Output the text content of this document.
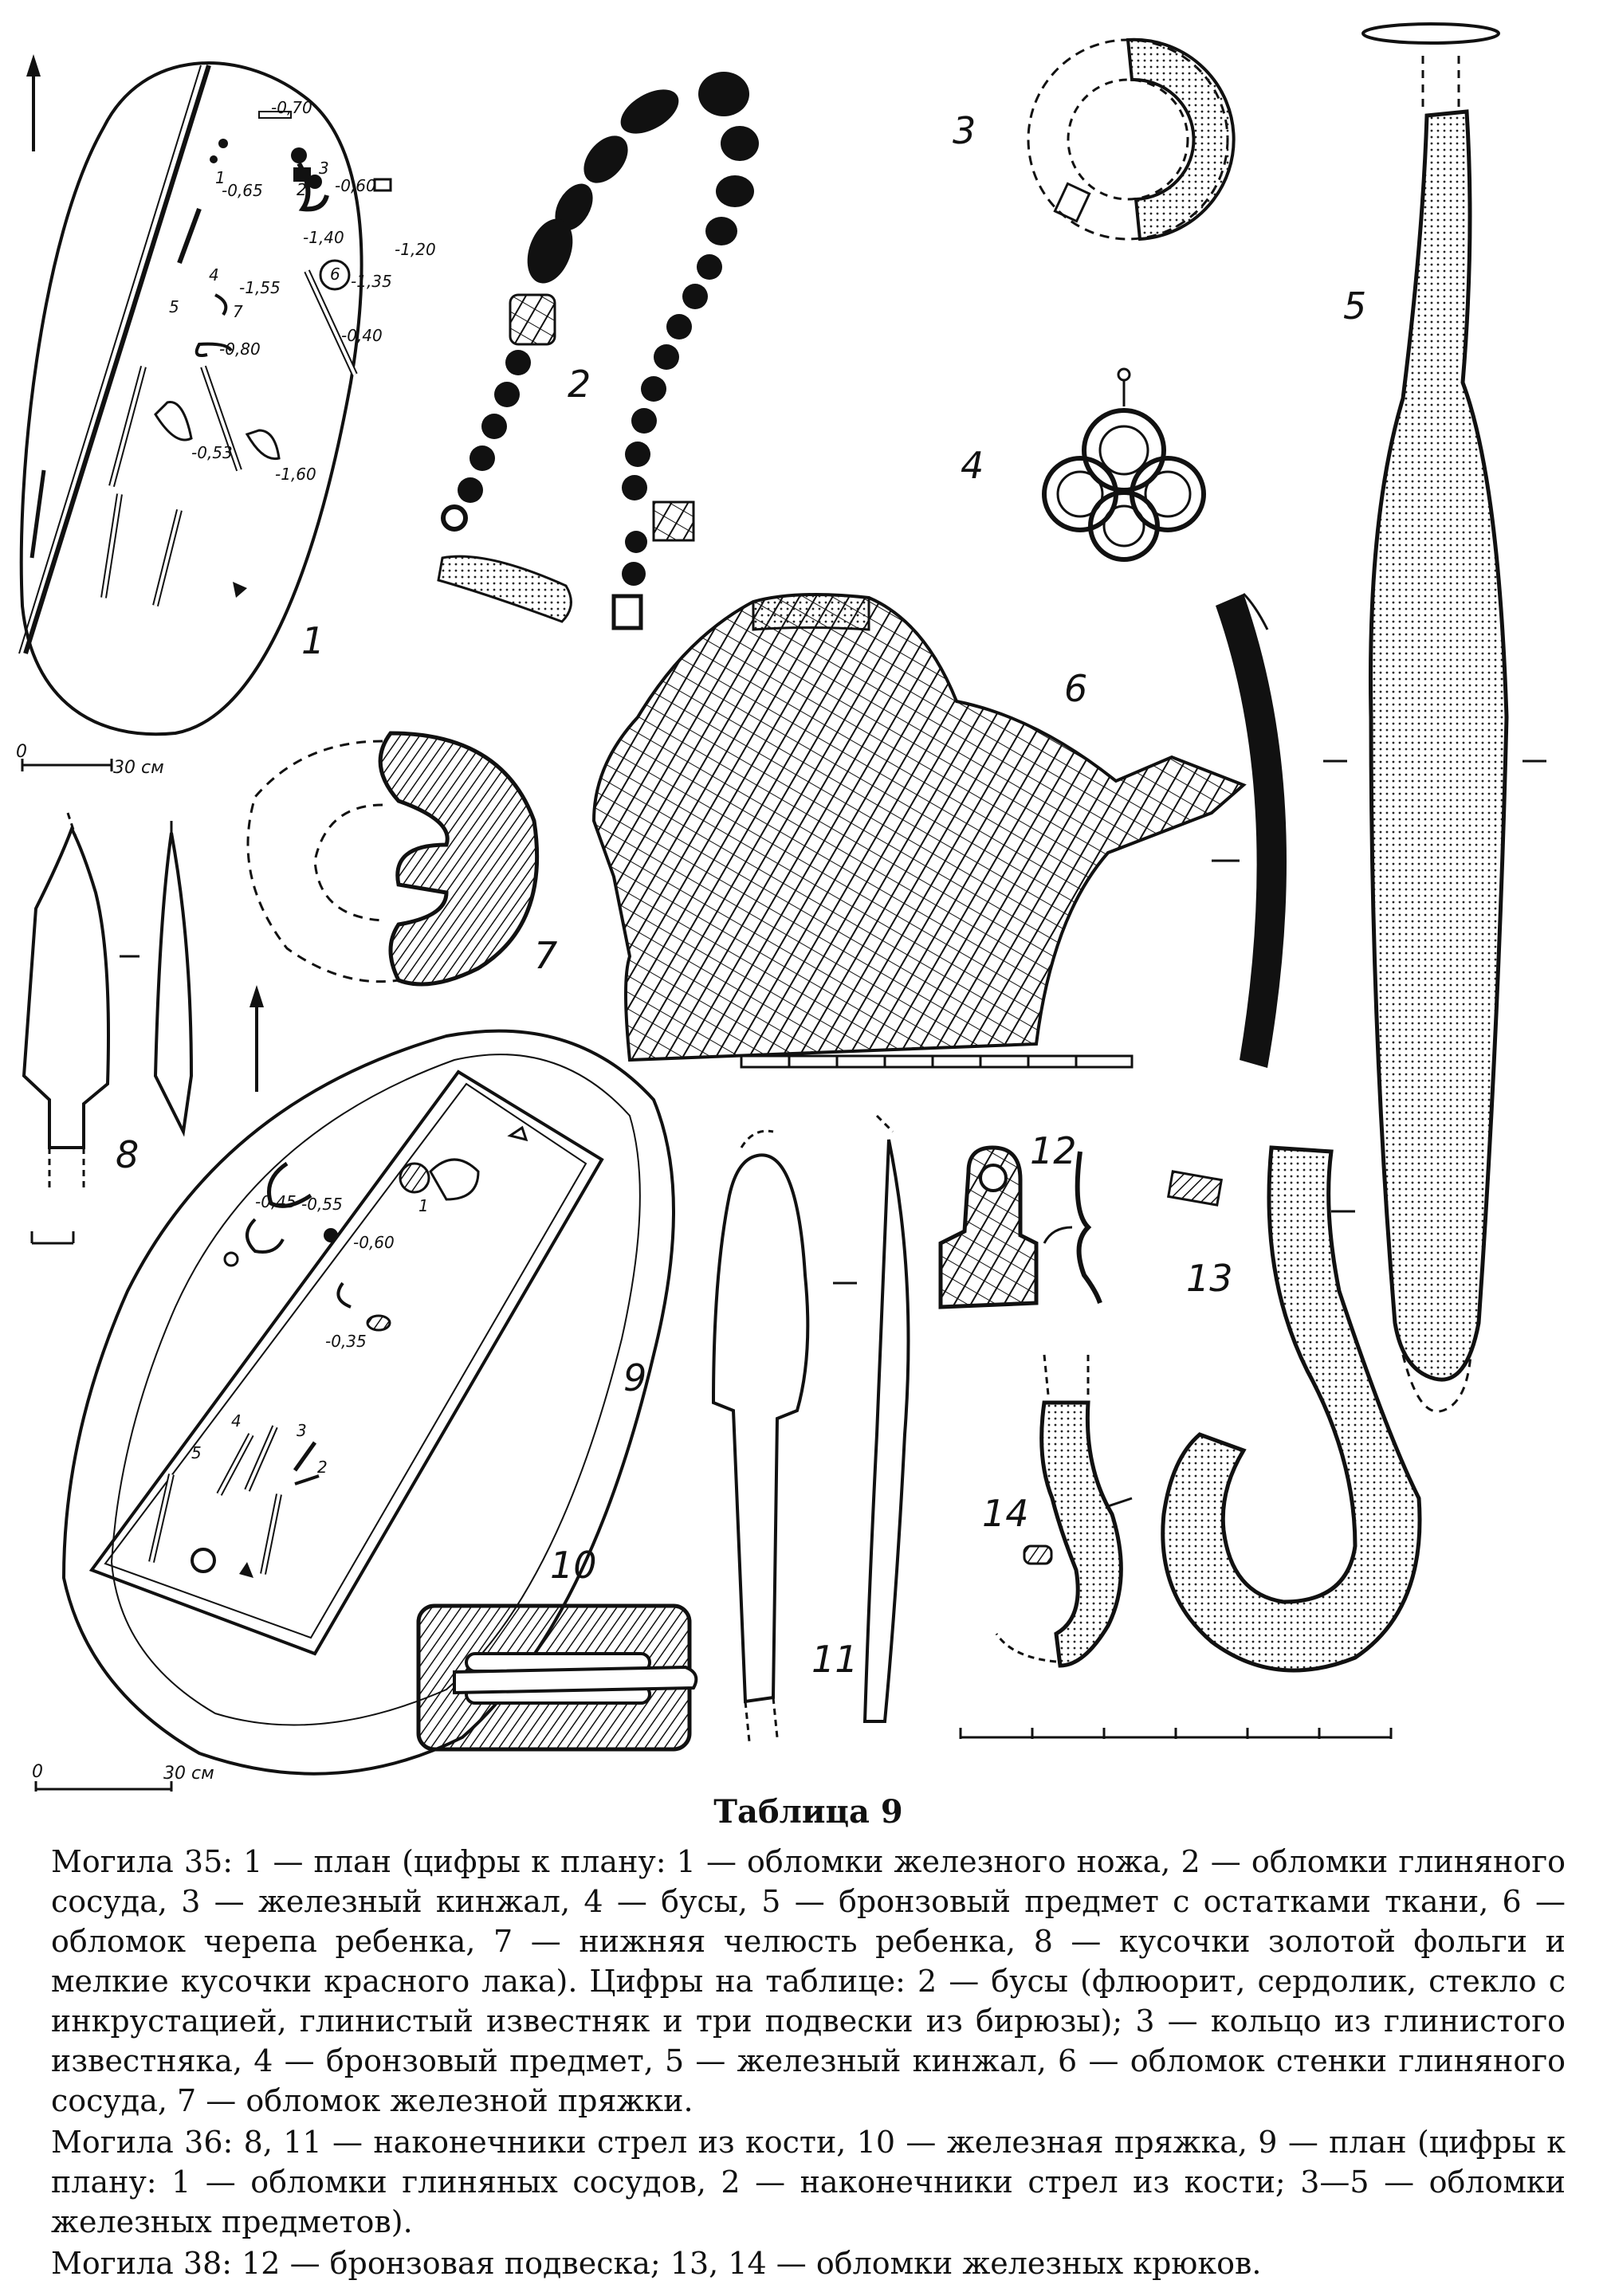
-0,70
-0,65	-0,60
-1,55	-1,35
-1,40
-0,80
-0,53
-1,60
-1,20
-0,40
1
2
3
4
5
6
7
1
0
30 см
2
3
4
5
6
7
8
-0,45 -0,55
-0,60
-0,35
1
2
3
4
5
9
0	30 см
10
11
12
13
14
Таблица 9

Могила 35: 1 — план (цифры к плану: 1 — обломки железного ножа, 2 — обломки глиняного сосуда, 3 — железный кинжал, 4 — бусы, 5 — бронзовый предмет с остатками ткани, 6 — обломок черепа ребенка, 7 — нижняя челюсть ребенка, 8 — кусочки золотой фольги и мелкие кусочки красного лака). Цифры на таблице: 2 — бусы (флюорит, сердолик, стекло с инкрустацией, глинистый известняк и три подвески из бирюзы); 3 — кольцо из глинистого известняка, 4 — бронзовый предмет, 5 — железный кинжал, 6 — обломок стенки глиняного сосуда, 7 — обломок железной пряжки.

Могила 36: 8, 11 — наконечники стрел из кости, 10 — железная пряжка, 9 — план (цифры к плану: 1 — обломки глиняных сосудов, 2 — наконечники стрел из кости; 3—5 — обломки железных предметов).

Могила 38: 12 — бронзовая подвеска; 13, 14 — обломки железных крюков.
